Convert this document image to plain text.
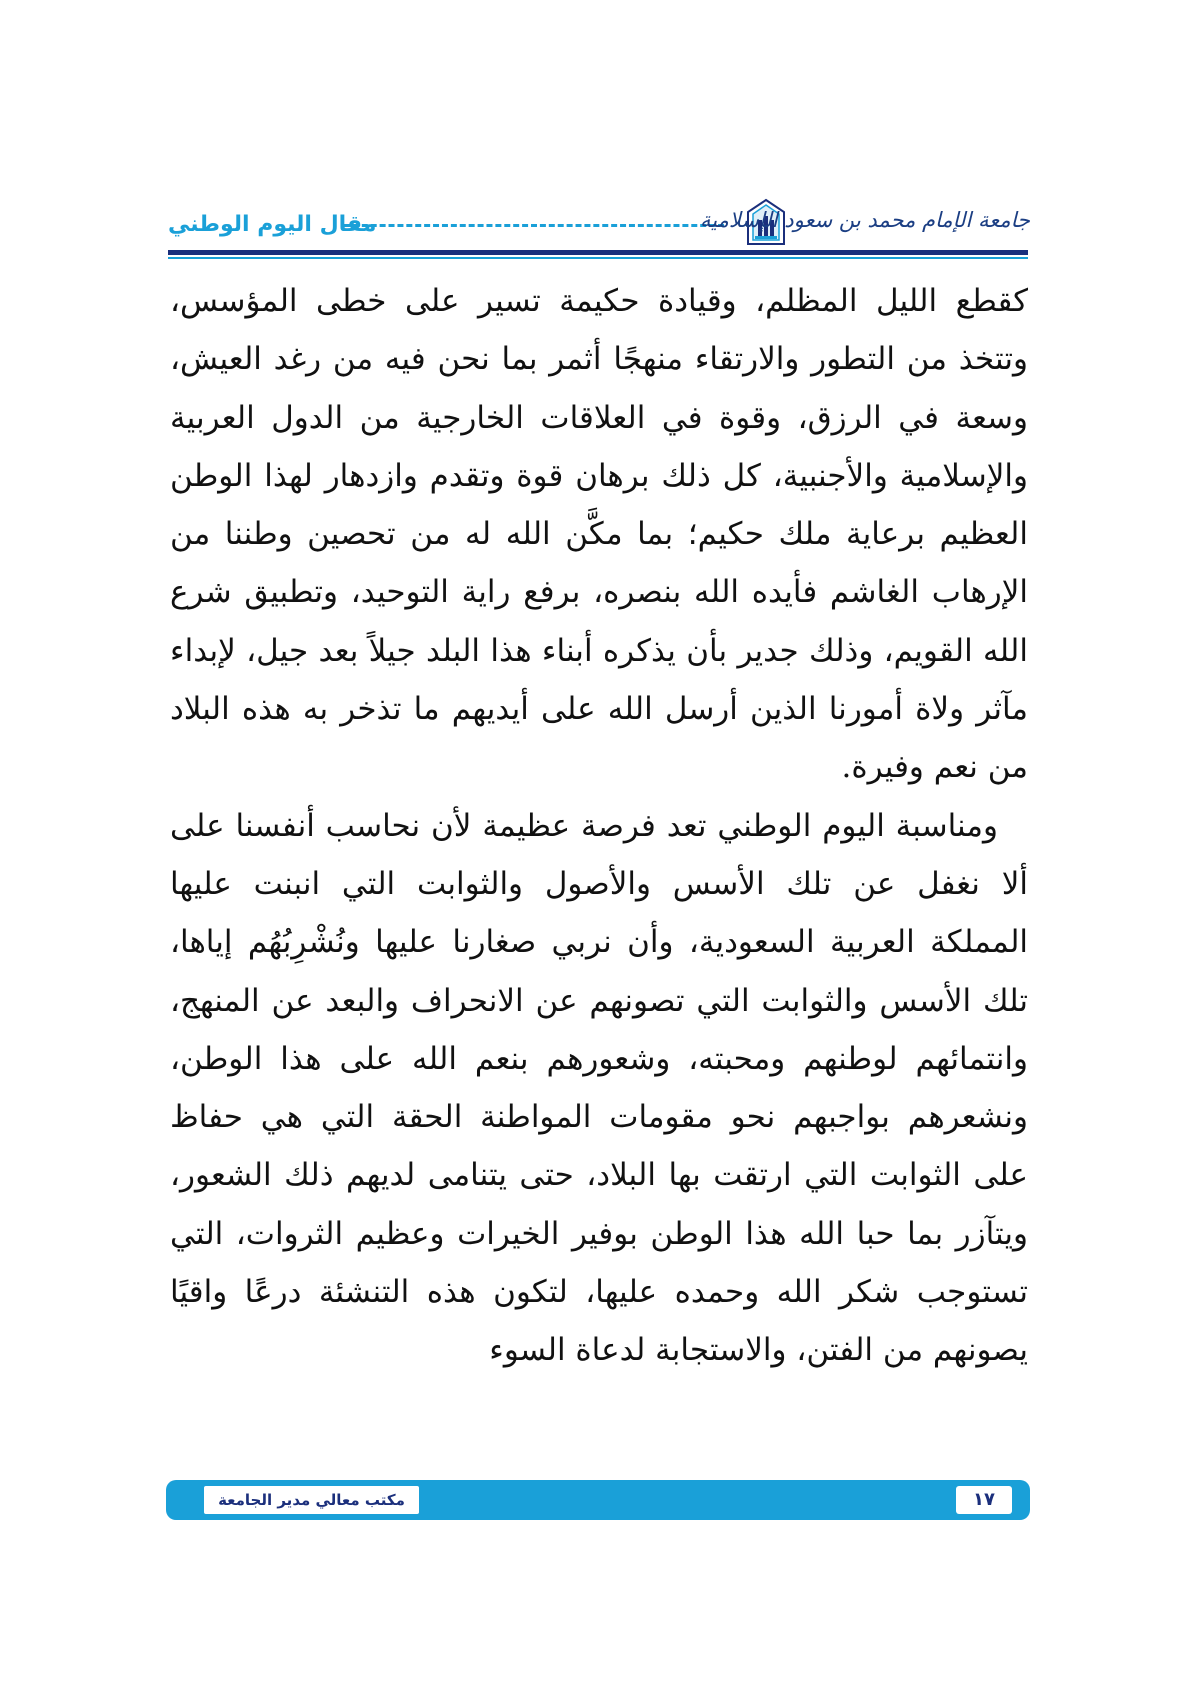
مقال اليوم الوطني	جامعة الإمام محمد بن سعود الإسلامية

كقطع الليل المظلم، وقيادة حكيمة تسير على خطى المؤسس، وتتخذ من التطور والارتقاء منهجًا أثمر بما نحن فيه من رغد العيش، وسعة في الرزق، وقوة في العلاقات الخارجية من الدول العربية والإسلامية والأجنبية، كل ذلك برهان قوة وتقدم وازدهار لهذا الوطن العظيم برعاية ملك حكيم؛ بما مكَّن الله له من تحصين وطننا من الإرهاب الغاشم فأيده الله بنصره، برفع راية التوحيد، وتطبيق شرع الله القويم، وذلك جدير بأن يذكره أبناء هذا البلد جيلاً بعد جيل، لإبداء مآثر ولاة أمورنا الذين أرسل الله على أيديهم ما تذخر به هذه البلاد من نعم وفيرة.

ومناسبة اليوم الوطني تعد فرصة عظيمة لأن نحاسب أنفسنا على ألا نغفل عن تلك الأسس والأصول والثوابت التي انبنت عليها المملكة العربية السعودية، وأن نربي صغارنا عليها ونُشْرِبُهُم إياها، تلك الأسس والثوابت التي تصونهم عن الانحراف والبعد عن المنهج، وانتمائهم لوطنهم ومحبته، وشعورهم بنعم الله على هذا الوطن، ونشعرهم بواجبهم نحو مقومات المواطنة الحقة التي هي حفاظ على الثوابت التي ارتقت بها البلاد، حتى يتنامى لديهم ذلك الشعور، ويتآزر بما حبا الله هذا الوطن بوفير الخيرات وعظيم الثروات، التي تستوجب شكر الله وحمده عليها، لتكون هذه التنشئة درعًا واقيًا يصونهم من الفتن، والاستجابة لدعاة السوء

مكتب معالي مدير الجامعة	١٧
